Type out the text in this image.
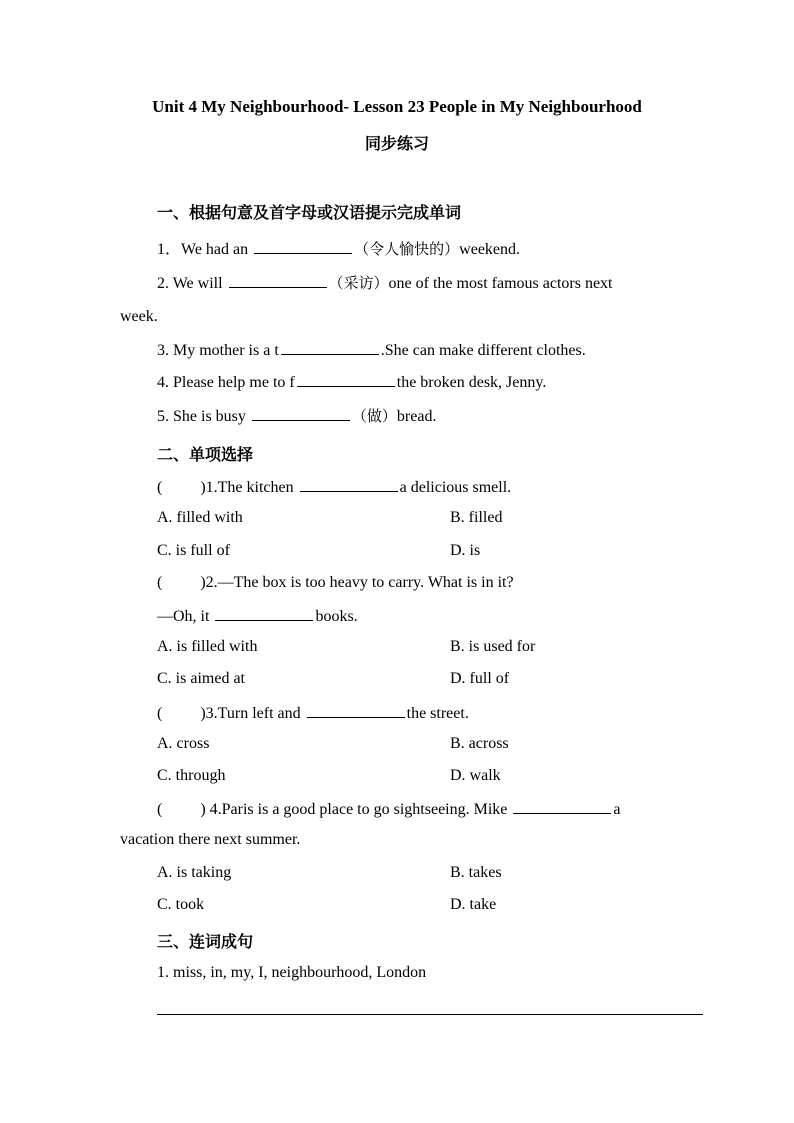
Unit 4 My Neighbourhood- Lesson 23 People in My Neighbourhood
同步练习
一、根据句意及首字母或汉语提示完成单词
1．We had an	（令人愉快的）weekend.
2. We will	（采访）one of the most famous actors next
week.
3. My mother is a t	.She can make different clothes.
4. Please help me to f	the broken desk, Jenny.
5. She is busy	（做）bread.
二、单项选择
( )1.The kitchen	a delicious smell.
A. filled with	B. filled
C. is full of	D. is
( )2.—The box is too heavy to carry. What is in it?
—Oh, it	books.
A. is filled with	B. is used for
C. is aimed at	D. full of
( )3.Turn left and	the street.
A. cross	B. across
C. through	D. walk
( ) 4.Paris is a good place to go sightseeing. Mike	a
vacation there next summer.
A. is taking	B. takes
C. took	D. take
三、连词成句
1. miss, in, my, I, neighbourhood, London
